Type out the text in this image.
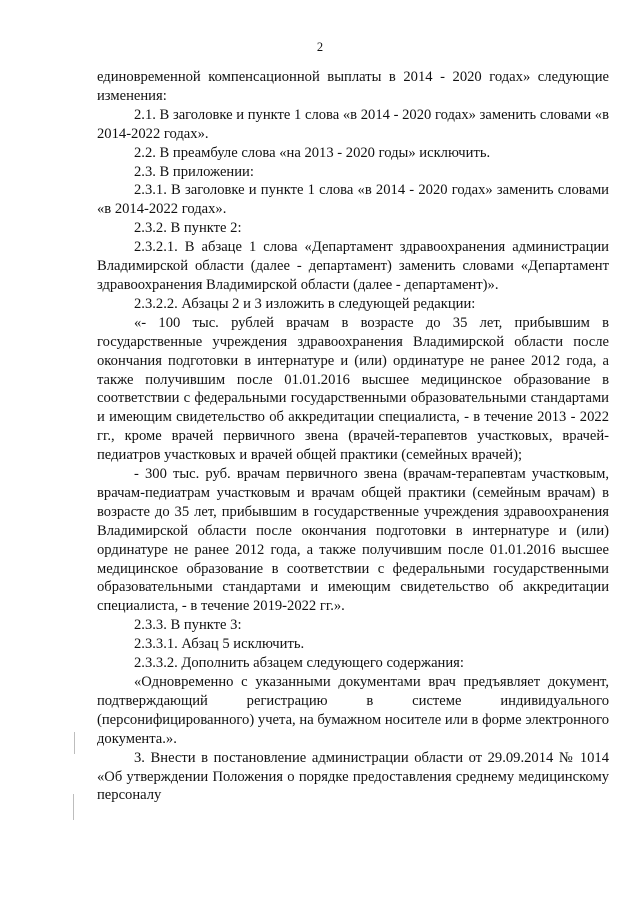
2

единовременной компенсационной выплаты в 2014 - 2020 годах» следующие изменения:

2.1. В заголовке и пункте 1 слова «в 2014 - 2020 годах» заменить словами «в 2014-2022 годах».

2.2. В преамбуле слова «на 2013 - 2020 годы» исключить.

2.3. В приложении:

2.3.1. В заголовке и пункте 1 слова «в 2014 - 2020 годах» заменить словами «в 2014-2022 годах».

2.3.2. В пункте 2:

2.3.2.1. В абзаце 1 слова «Департамент здравоохранения администрации Владимирской области (далее - департамент) заменить словами «Департамент здравоохранения Владимирской области (далее - департамент)».

2.3.2.2. Абзацы 2 и 3 изложить в следующей редакции:

«- 100 тыс. рублей врачам в возрасте до 35 лет, прибывшим в государственные учреждения здравоохранения Владимирской области после окончания подготовки в интернатуре и (или) ординатуре не ранее 2012 года, а также получившим после 01.01.2016 высшее медицинское образование в соответствии с федеральными государственными образовательными стандартами и имеющим свидетельство об аккредитации специалиста, - в течение 2013 - 2022 гг., кроме врачей первичного звена (врачей-терапевтов участковых, врачей-педиатров участковых и врачей общей практики (семейных врачей);

- 300 тыс. руб. врачам первичного звена (врачам-терапевтам участковым, врачам-педиатрам участковым и врачам общей практики (семейным врачам) в возрасте до 35 лет, прибывшим в государственные учреждения здравоохранения Владимирской области после окончания подготовки в интернатуре и (или) ординатуре не ранее 2012 года, а также получившим после 01.01.2016 высшее медицинское образование в соответствии с федеральными государственными образовательными стандартами и имеющим свидетельство об аккредитации специалиста, - в течение 2019-2022 гг.».

2.3.3. В пункте 3:

2.3.3.1. Абзац 5 исключить.

2.3.3.2. Дополнить абзацем следующего содержания:

«Одновременно с указанными документами врач предъявляет документ, подтверждающий регистрацию в системе индивидуального (персонифицированного) учета, на бумажном носителе или в форме электронного документа.».

3. Внести в постановление администрации области от 29.09.2014 № 1014 «Об утверждении Положения о порядке предоставления среднему медицинскому персоналу
